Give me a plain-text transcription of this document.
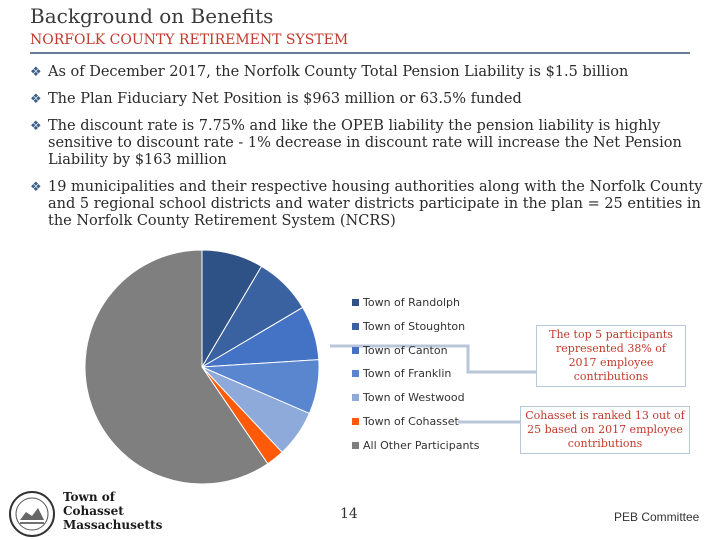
Background on Benefits
NORFOLK COUNTY RETIREMENT SYSTEM
❖ As of December 2017, the Norfolk County Total Pension Liability is $1.5 billion
❖ The Plan Fiduciary Net Position is $963 million or 63.5% funded
❖ The discount rate is 7.75% and like the OPEB liability the pension liability is highly sensitive to discount rate - 1% decrease in discount rate will increase the Net Pension Liability by $163 million
❖ 19 municipalities and their respective housing authorities along with the Norfolk County and 5 regional school districts and water districts participate in the plan = 25 entities in the Norfolk County Retirement System (NCRS)
Town of Randolph
Town of Stoughton
Town of Canton
Town of Franklin
Town of Westwood
Town of Cohasset
All Other Participants
The top 5 participants represented 38% of 2017 employee contributions
Cohasset is ranked 13 out of 25 based on 2017 employee contributions
Town of
Cohasset
Massachusetts
14	PEB Committee
